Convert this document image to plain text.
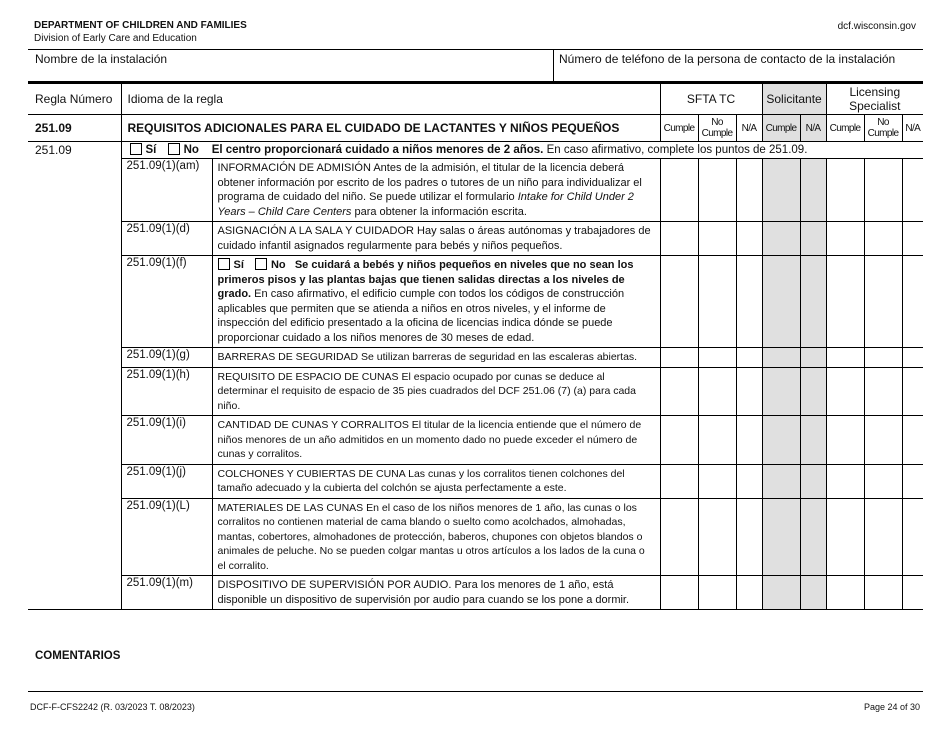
DEPARTMENT OF CHILDREN AND FAMILIES
Division of Early Care and Education
dcf.wisconsin.gov
Nombre de la instalación	Número de teléfono de la persona de contacto de la instalación
Regla Número	Idioma de la regla		SFTA TC			Solicitante		Licensing Specialist		
251.09	REQUISITOS ADICIONALES PARA EL CUIDADO DE LACTANTES Y NIÑOS PEQUEÑOS		Cumple	No Cumple	N/A	Cumple	N/A	Cumple	No Cumple	N/A
251.09	Sí No El centro proporcionará cuidado a niños menores de 2 años. En caso afirmativo, complete los puntos de 251.09.									
	251.09(1)(am)	INFORMACIÓN DE ADMISIÓN Antes de la admisión, el titular de la licencia deberá obtener información por escrito de los padres o tutores de un niño para individualizar el programa de cuidado del niño. Se puede utilizar el formulario Intake for Child Under 2 Years – Child Care Centers para obtener la información escrita.								
	251.09(1)(d)	ASIGNACIÓN A LA SALA Y CUIDADOR Hay salas o áreas autónomas y trabajadores de cuidado infantil asignados regularmente para bebés y niños pequeños.								
	251.09(1)(f)	Sí No Se cuidará a bebés y niños pequeños en niveles que no sean los primeros pisos y las plantas bajas que tienen salidas directas a los niveles de grado. En caso afirmativo, el edificio cumple con todos los códigos de construcción aplicables que permiten que se atienda a niños en otros niveles, y el informe de inspección del edificio presentado a la oficina de licencias indica dónde se puede proporcionar cuidado a los niños menores de 30 meses de edad.								
	251.09(1)(g)	BARRERAS DE SEGURIDAD Se utilizan barreras de seguridad en las escaleras abiertas.								
	251.09(1)(h)	REQUISITO DE ESPACIO DE CUNAS El espacio ocupado por cunas se deduce al determinar el requisito de espacio de 35 pies cuadrados del DCF 251.06 (7) (a) para cada niño.								
	251.09(1)(i)	CANTIDAD DE CUNAS Y CORRALITOS El titular de la licencia entiende que el número de niños menores de un año admitidos en un momento dado no puede exceder el número de cunas y corralitos.								
	251.09(1)(j)	COLCHONES Y CUBIERTAS DE CUNA Las cunas y los corralitos tienen colchones del tamaño adecuado y la cubierta del colchón se ajusta perfectamente a este.								
	251.09(1)(L)	MATERIALES DE LAS CUNAS En el caso de los niños menores de 1 año, las cunas o los corralitos no contienen material de cama blando o suelto como acolchados, almohadas, mantas, cobertores, almohadones de protección, baberos, chupones con objetos blandos o animales de peluche. No se pueden colgar mantas u otros artículos a los lados de la cuna o el corralito.								
	251.09(1)(m)	DISPOSITIVO DE SUPERVISIÓN POR AUDIO. Para los menores de 1 año, está disponible un dispositivo de supervisión por audio para cuando se los pone a dormir.								
COMENTARIOS
DCF-F-CFS2242 (R. 03/2023 T. 08/2023)	Page 24 of 30
